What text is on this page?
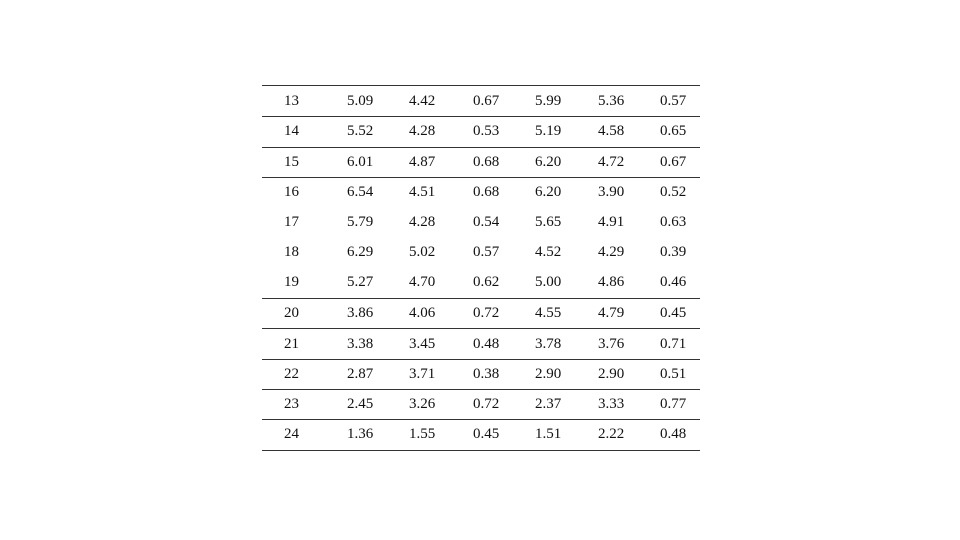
13	5.09	4.42	0.67	5.99	5.36	0.57
14	5.52	4.28	0.53	5.19	4.58	0.65
15	6.01	4.87	0.68	6.20	4.72	0.67
16	6.54	4.51	0.68	6.20	3.90	0.52
17	5.79	4.28	0.54	5.65	4.91	0.63
18	6.29	5.02	0.57	4.52	4.29	0.39
19	5.27	4.70	0.62	5.00	4.86	0.46
20	3.86	4.06	0.72	4.55	4.79	0.45
21	3.38	3.45	0.48	3.78	3.76	0.71
22	2.87	3.71	0.38	2.90	2.90	0.51
23	2.45	3.26	0.72	2.37	3.33	0.77
24	1.36	1.55	0.45	1.51	2.22	0.48
